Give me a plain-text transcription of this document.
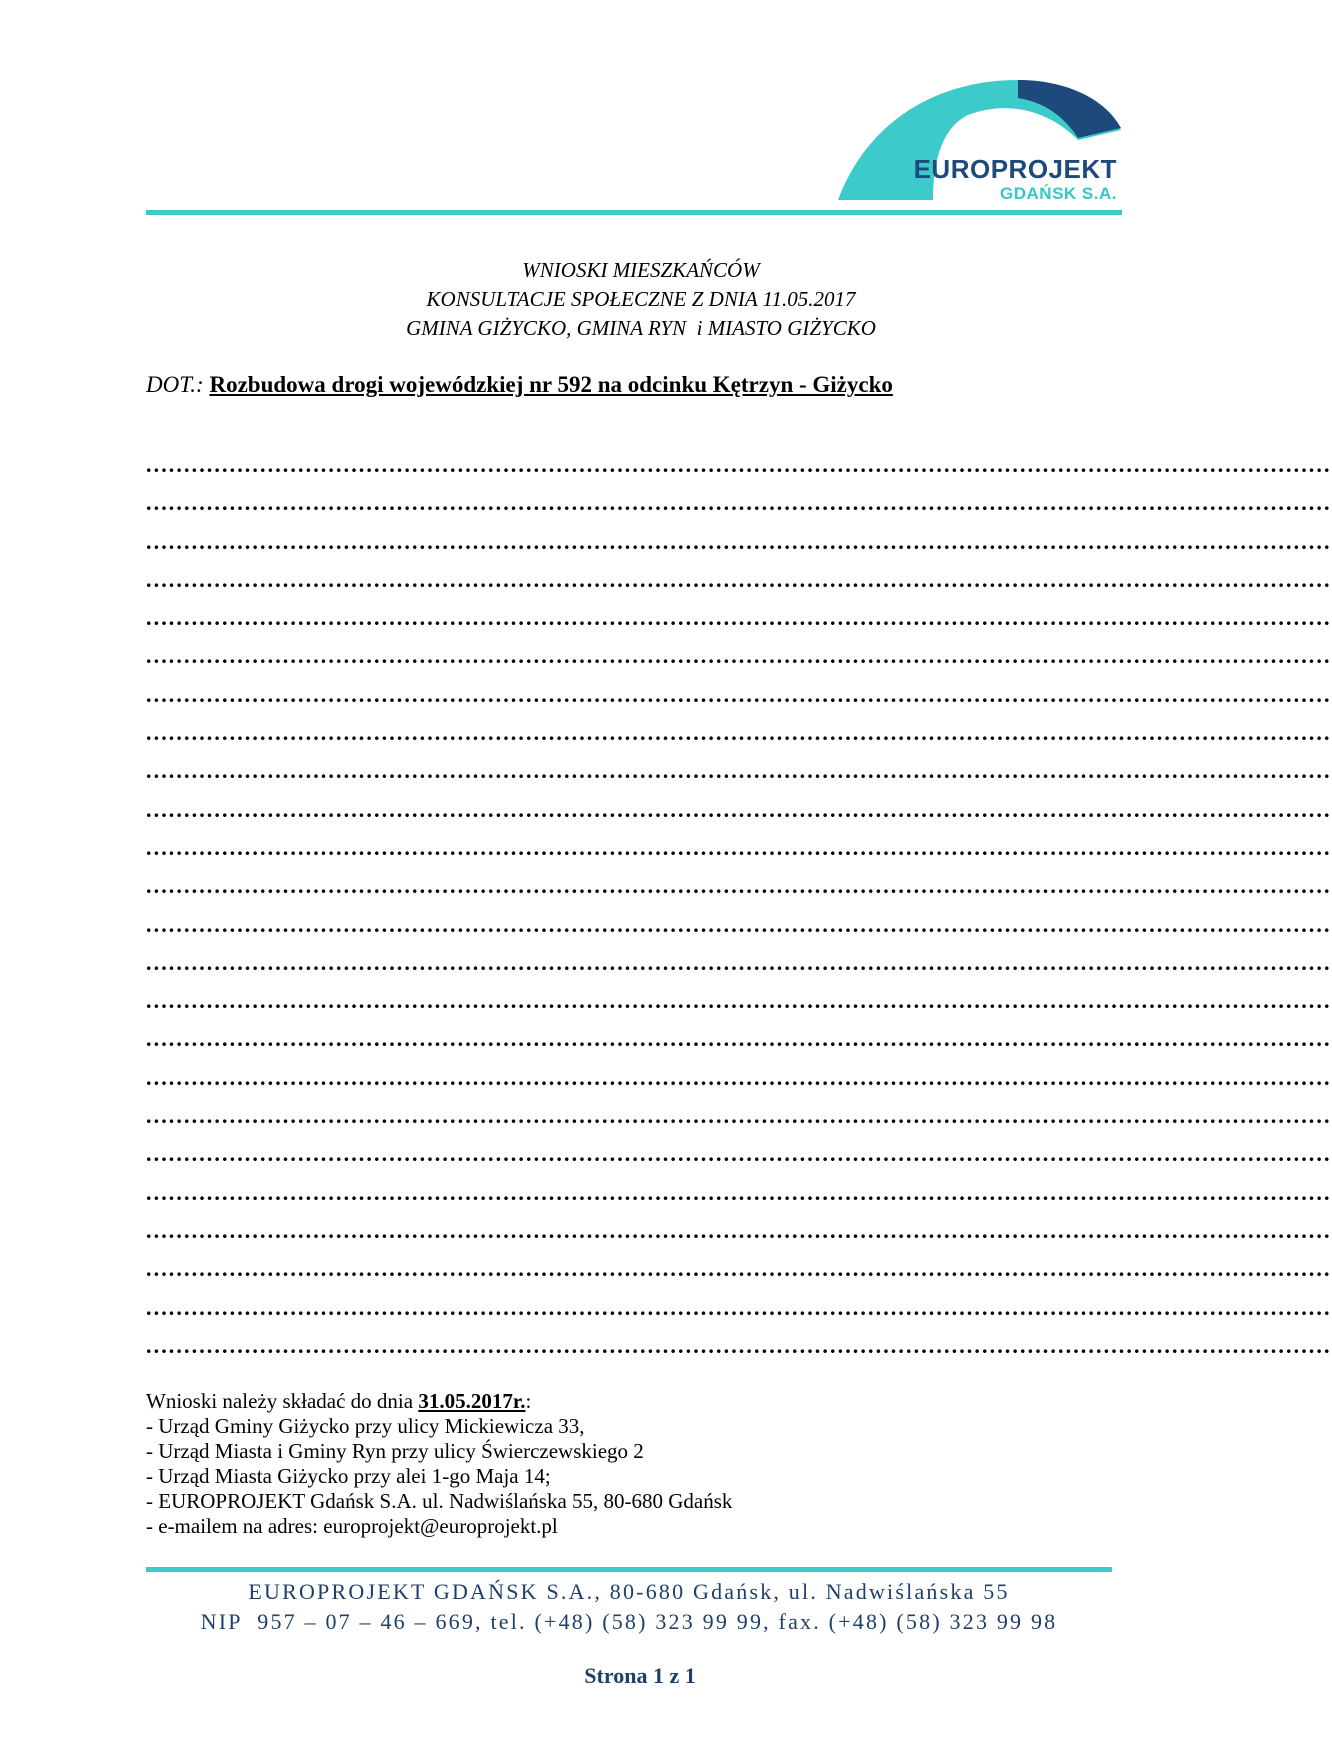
EUROPROJEKT
GDAŃSK S.A.
WNIOSKI MIESZKAŃCÓW
KONSULTACJE SPOŁECZNE Z DNIA 11.05.2017
GMINA GIŻYCKO, GMINA RYN  i MIASTO GIŻYCKO
DOT.: Rozbudowa drogi wojewódzkiej nr 592 na odcinku Kętrzyn - Giżycko
............................................................................................................................................................
............................................................................................................................................................
............................................................................................................................................................
............................................................................................................................................................
............................................................................................................................................................
............................................................................................................................................................
............................................................................................................................................................
............................................................................................................................................................
............................................................................................................................................................
............................................................................................................................................................
............................................................................................................................................................
............................................................................................................................................................
............................................................................................................................................................
............................................................................................................................................................
............................................................................................................................................................
............................................................................................................................................................
............................................................................................................................................................
............................................................................................................................................................
............................................................................................................................................................
............................................................................................................................................................
............................................................................................................................................................
............................................................................................................................................................
............................................................................................................................................................
............................................................................................................................................................
Wnioski należy składać do dnia 31.05.2017r.:
- Urząd Gminy Giżycko przy ulicy Mickiewicza 33,
- Urząd Miasta i Gminy Ryn przy ulicy Świerczewskiego 2
- Urząd Miasta Giżycko przy alei 1-go Maja 14;
- EUROPROJEKT Gdańsk S.A. ul. Nadwiślańska 55, 80-680 Gdańsk
- e-mailem na adres: europrojekt@europrojekt.pl
EUROPROJEKT GDAŃSK S.A., 80-680 Gdańsk, ul. Nadwiślańska 55
NIP  957 – 07 – 46 – 669, tel. (+48) (58) 323 99 99, fax. (+48) (58) 323 99 98
Strona 1 z 1
